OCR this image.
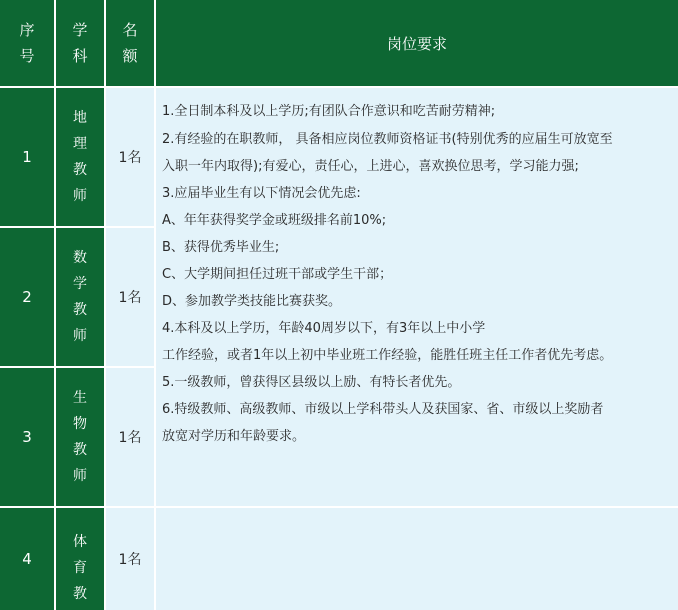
序
号
学
科
名
额
岗位要求
1
地
理
教
师
1名
2
数
学
教
师
1名
3
生
物
教
师
1名
4
体
育
教
1名
1.全日制本科及以上学历;有团队合作意识和吃苦耐劳精神;
2.有经验的在职教师， 具备相应岗位教师资格证书(特别优秀的应届生可放宽至
入职一年内取得);有爱心，责任心，上进心，喜欢换位思考，学习能力强;
3.应届毕业生有以下情况会优先虑:
A、年年获得奖学金或班级排名前10%;
B、获得优秀毕业生;
C、大学期间担任过班干部或学生干部；
D、参加教学类技能比赛获奖。
4.本科及以上学历，年龄40周岁以下，有3年以上中小学
工作经验，或者1年以上初中毕业班工作经验，能胜任班主任工作者优先考虑。
5.一级教师，曾获得区县级以上励、有特长者优先。
6.特级教师、高级教师、市级以上学科带头人及获国家、省、市级以上奖励者
放宽对学历和年龄要求。
